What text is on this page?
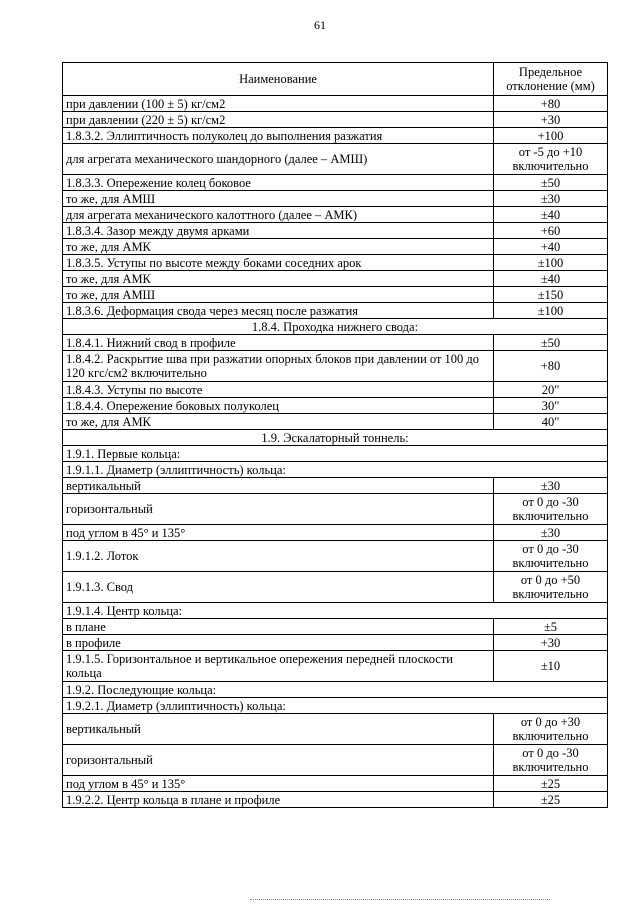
61
Наименование	Предельное отклонение (мм)
при давлении (100 ± 5) кг/см2	+80
при давлении (220 ± 5) кг/см2	+30
1.8.3.2. Эллиптичность полуколец до выполнения разжатия	+100
для агрегата механического шандорного (далее – АМШ)	от -5 до +10 включительно
1.8.3.3. Опережение колец боковое	±50
то же, для АМШ	±30
для агрегата механического калоттного (далее – АМК)	±40
1.8.3.4. Зазор между двумя арками	+60
то же, для АМК	+40
1.8.3.5. Уступы по высоте между боками соседних арок	±100
то же, для АМК	±40
то же, для АМШ	±150
1.8.3.6. Деформация свода через месяц после разжатия	±100
1.8.4. Проходка нижнего свода:	
1.8.4.1. Нижний свод в профиле	±50
1.8.4.2. Раскрытие шва при разжатии опорных блоков при давлении от 100 до 120 кгс/см2 включительно	+80
1.8.4.3. Уступы по высоте	20"
1.8.4.4. Опережение боковых полуколец	30"
то же, для АМК	40"
1.9. Эскалаторный тоннель:	
1.9.1. Первые кольца:	
1.9.1.1. Диаметр (эллиптичность) кольца:	
вертикальный	±30
горизонтальный	от 0 до -30 включительно
под углом в 45° и 135°	±30
1.9.1.2. Лоток	от 0 до -30 включительно
1.9.1.3. Свод	от 0 до +50 включительно
1.9.1.4. Центр кольца:	
в плане	±5
в профиле	+30
1.9.1.5. Горизонтальное и вертикальное опережения передней плоскости кольца	±10
1.9.2. Последующие кольца:	
1.9.2.1. Диаметр (эллиптичность) кольца:	
вертикальный	от 0 до +30 включительно
горизонтальный	от 0 до -30 включительно
под углом в 45° и 135°	±25
1.9.2.2. Центр кольца в плане и профиле	±25
